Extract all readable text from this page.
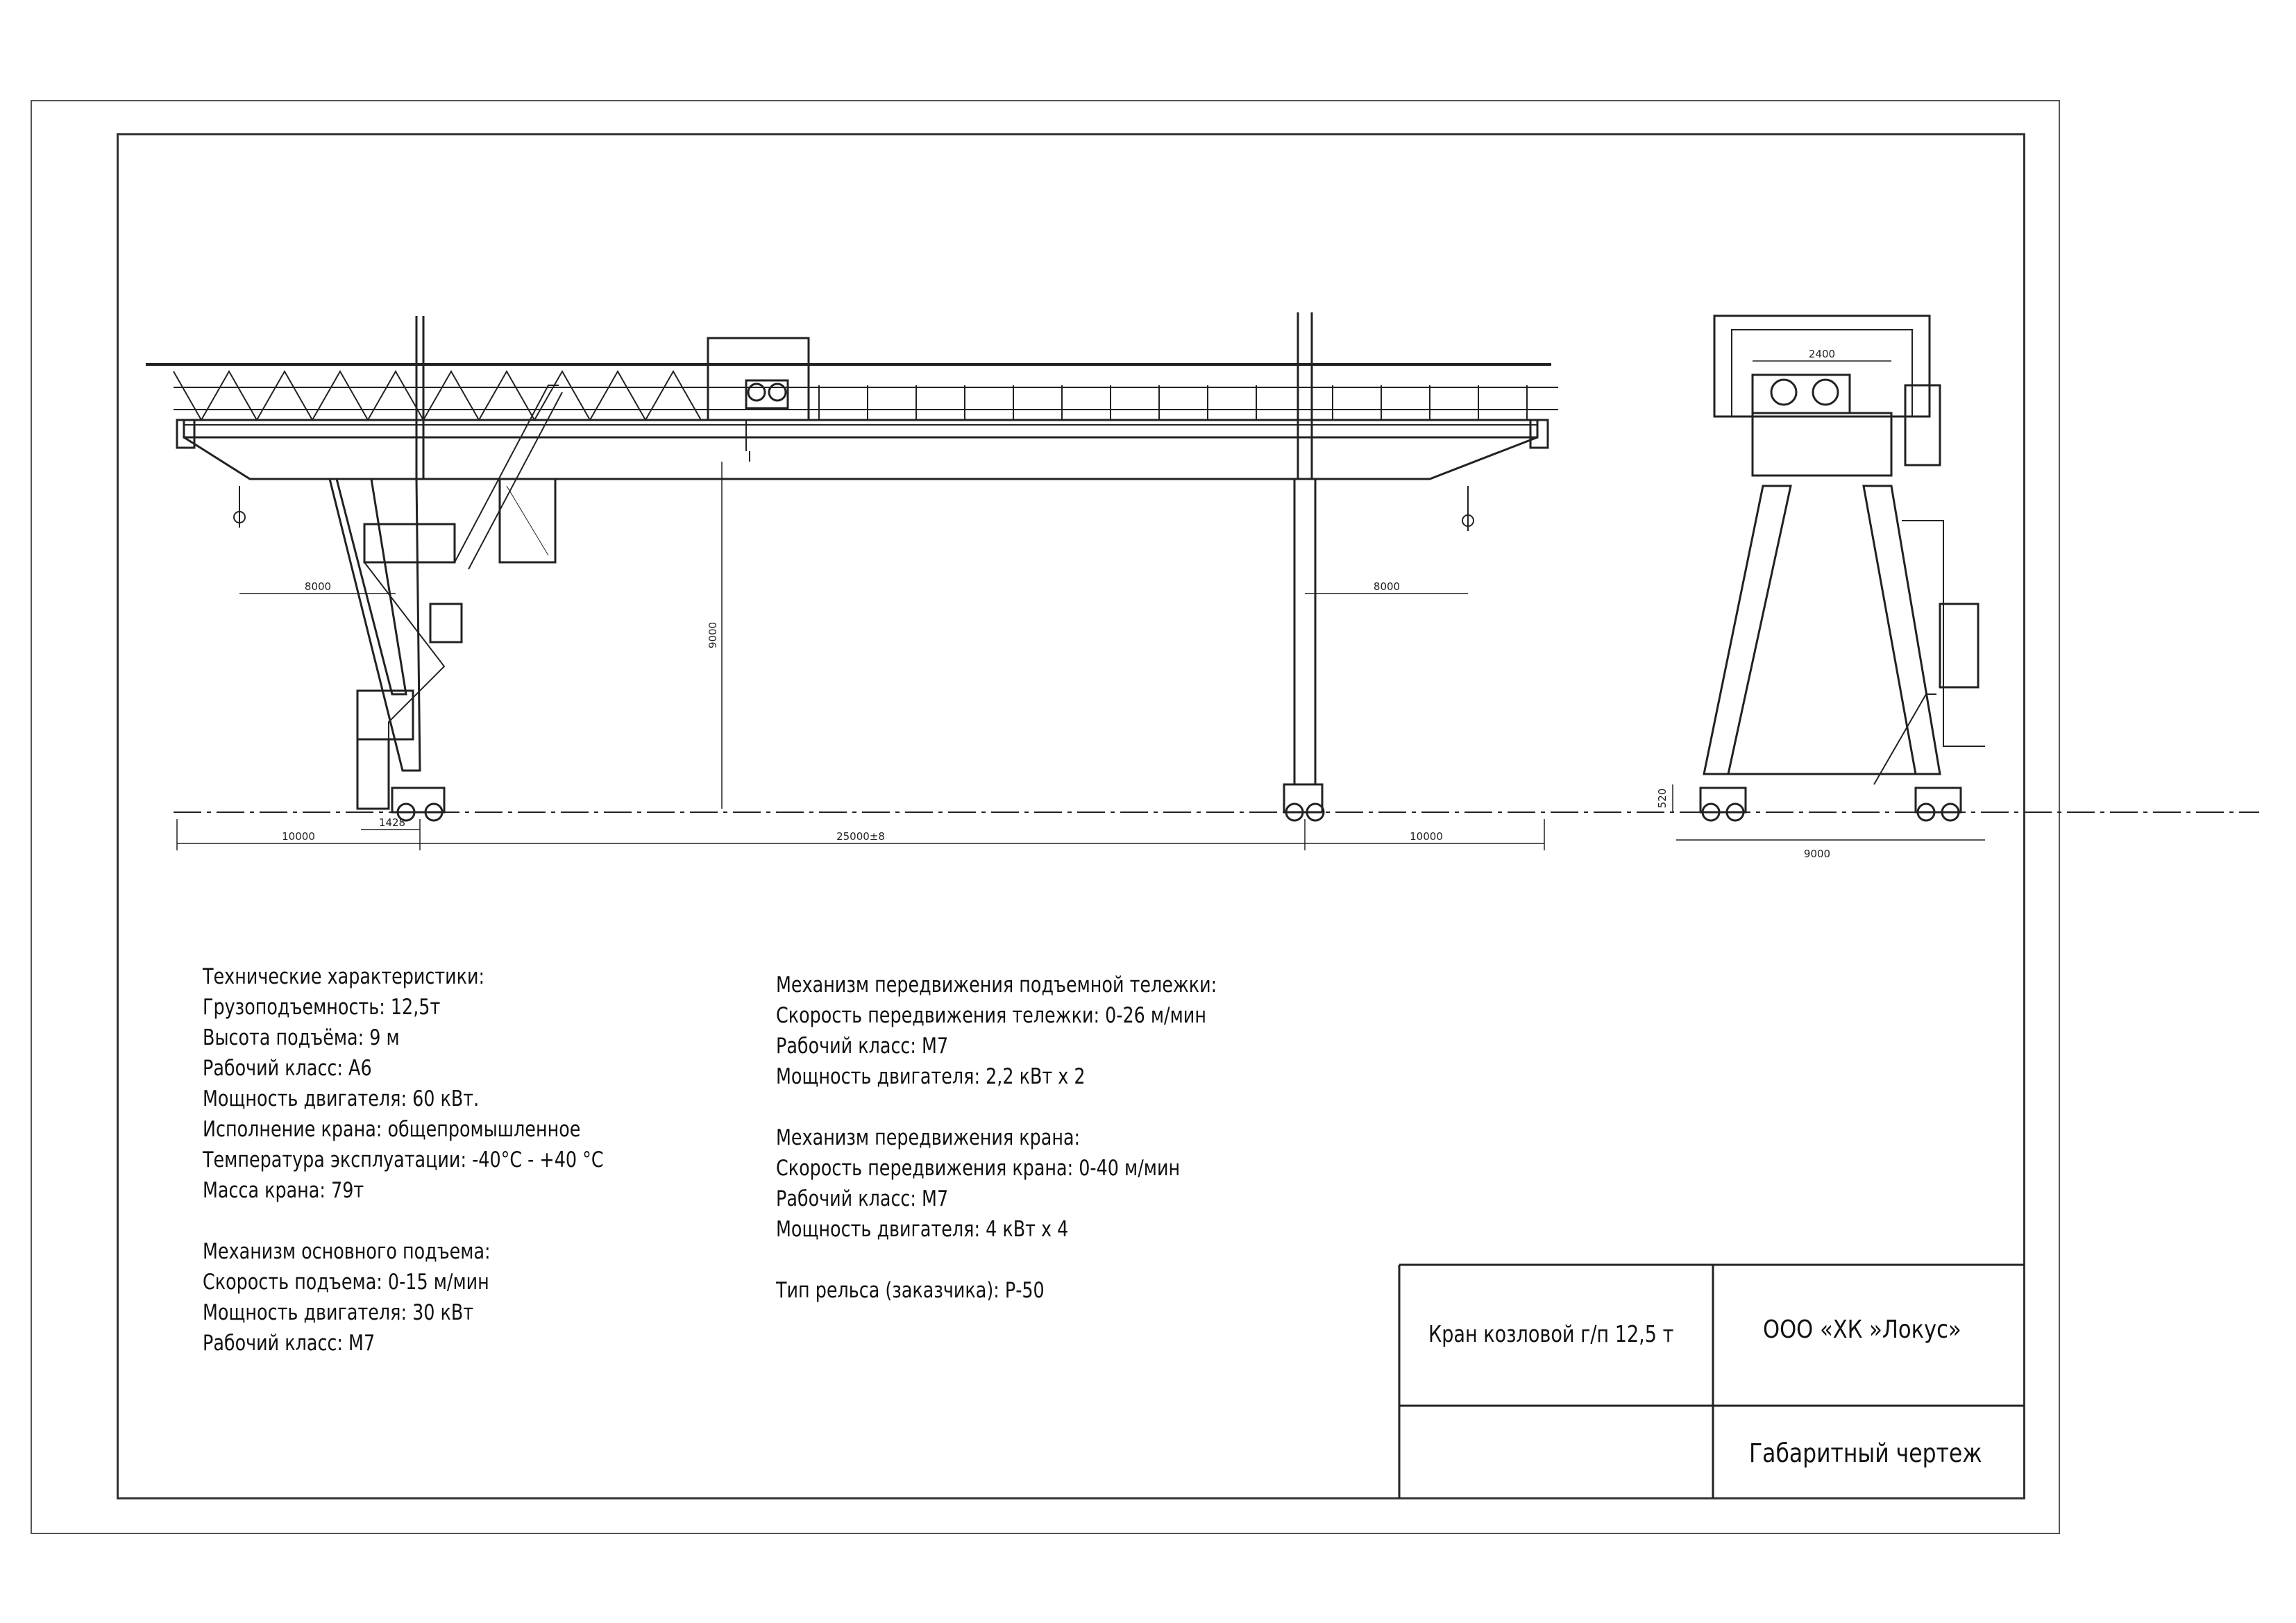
8000	8000
9000
10000	25000±8	10000
1428
2400
9000
520
Технические характеристики:
Грузоподъемность: 12,5т
Высота подъёма: 9 м
Рабочий класс: А6
Мощность двигателя: 60 кВт.
Исполнение крана: общепромышленное
Температура эксплуатации: -40°C - +40 °C
Масса крана: 79т
Механизм основного подъема:
Скорость подъема: 0-15 м/мин
Мощность двигателя: 30 кВт
Рабочий класс: М7
Механизм передвижения подъемной тележки:
Скорость передвижения тележки: 0-26 м/мин
Рабочий класс: М7
Мощность двигателя: 2,2 кВт x 2
Механизм передвижения крана:
Скорость передвижения крана: 0-40 м/мин
Рабочий класс: М7
Мощность двигателя: 4 кВт x 4
Тип рельса (заказчика): Р-50
Кран козловой г/п 12,5 т	ООО «ХК »Локус»
Габаритный чертеж
